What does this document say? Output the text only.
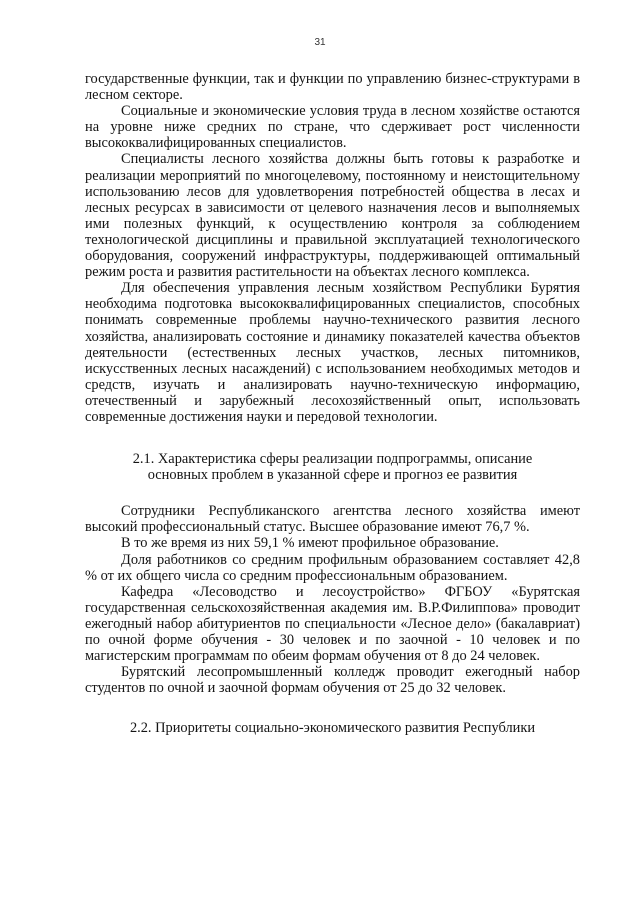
31

государственные функции, так и функции по управлению бизнес-структурами в лесном секторе.

Социальные и экономические условия труда в лесном хозяйстве остаются на уровне ниже средних по стране, что сдерживает рост численности высококвалифицированных специалистов.

Специалисты лесного хозяйства должны быть готовы к разработке и реализации мероприятий по многоцелевому, постоянному и неистощительному использованию лесов для удовлетворения потребностей общества в лесах и лесных ресурсах в зависимости от целевого назначения лесов и выполняемых ими полезных функций, к осуществлению контроля за соблюдением технологической дисциплины и правильной эксплуатацией технологического оборудования, сооружений инфраструктуры, поддерживающей оптимальный режим роста и развития растительности на объектах лесного комплекса.

Для обеспечения управления лесным хозяйством Республики Бурятия необходима подготовка высококвалифицированных специалистов, способных понимать современные проблемы научно-технического развития лесного хозяйства, анализировать состояние и динамику показателей качества объектов деятельности (естественных лесных участков, лесных питомников, искусственных лесных насаждений) с использованием необходимых методов и средств, изучать и анализировать научно-техническую информацию, отечественный и зарубежный лесохозяйственный опыт, использовать современные достижения науки и передовой технологии.

2.1. Характеристика сферы реализации подпрограммы, описание
основных проблем в указанной сфере и прогноз ее развития

Сотрудники Республиканского агентства лесного хозяйства имеют высокий профессиональный статус. Высшее образование имеют 76,7 %.

В то же время из них 59,1 % имеют профильное образование.

Доля работников со средним профильным образованием составляет 42,8 % от их общего числа со средним профессиональным образованием.

Кафедра «Лесоводство и лесоустройство» ФГБОУ «Бурятская государственная сельскохозяйственная академия им. В.Р.Филиппова» проводит ежегодный набор абитуриентов по специальности «Лесное дело» (бакалавриат) по очной форме обучения - 30 человек и по заочной - 10 человек и по магистерским программам по обеим формам обучения от 8 до 24 человек.

Бурятский лесопромышленный колледж проводит ежегодный набор студентов по очной и заочной формам обучения от 25 до 32 человек.

2.2. Приоритеты социально-экономического развития Республики
